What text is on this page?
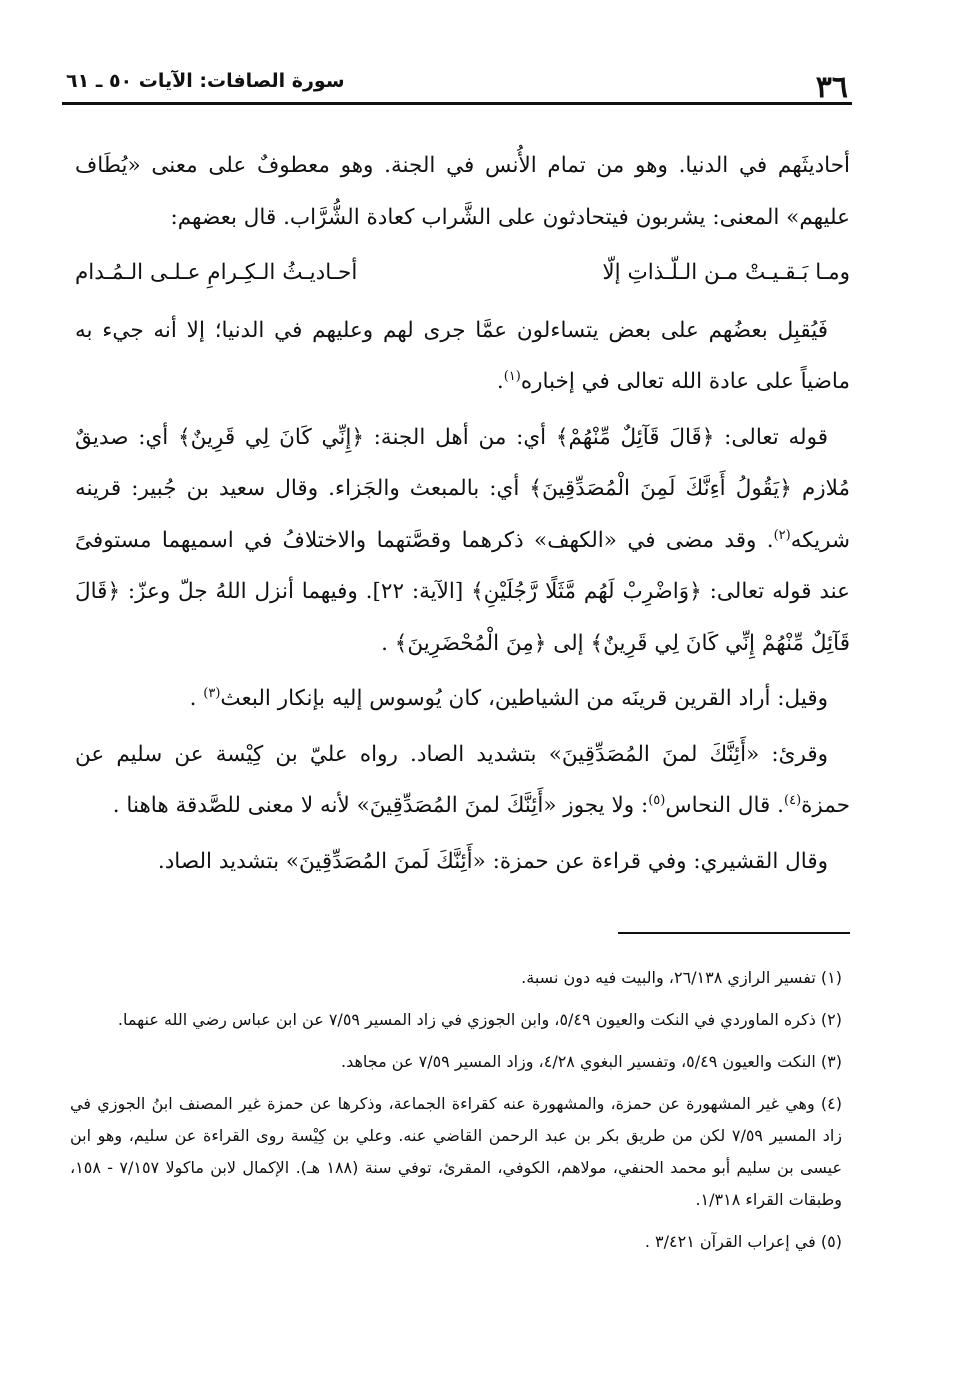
٣٦
سورة الصافات: الآيات ٥٠ ـ ٦١

أحاديثَهم في الدنيا. وهو من تمام الأُنس في الجنة. وهو معطوفٌ على معنى «يُطَاف عليهم» المعنى: يشربون فيتحادثون على الشَّراب كعادة الشُّرَّاب. قال بعضهم:

ومـا بَـقـيـتْ مـن الـلّـذاتِ إلّا
أحـاديـثُ الـكِـرامِ عـلـى الـمُـدام

فَيُقبِل بعضُهم على بعض يتساءلون عمَّا جرى لهم وعليهم في الدنيا؛ إلا أنه جيء به ماضياً على عادة الله تعالى في إخباره$^{(١)}$.

قوله تعالى: ﴿قَالَ قَآئِلٌ مِّنْهُمْ﴾ أي: من أهل الجنة: ﴿إِنِّي كَانَ لِي قَرِينٌ﴾ أي: صديقٌ مُلازم ﴿يَقُولُ أَءِنَّكَ لَمِنَ الْمُصَدِّقِينَ﴾ أي: بالمبعث والجَزاء. وقال سعيد بن جُبير: قرينه شريكه$^{(٢)}$. وقد مضى في «الكهف» ذكرهما وقصَّتهما والاختلافُ في اسميهما مستوفىً عند قوله تعالى: ﴿وَاضْرِبْ لَهُم مَّثَلًا رَّجُلَيْنِ﴾ [الآية: ٢٢]. وفيهما أنزل اللهُ جلّ وعزّ: ﴿قَالَ قَآئِلٌ مِّنْهُمْ إِنِّي كَانَ لِي قَرِينٌ﴾ إلى ﴿مِنَ الْمُحْضَرِينَ﴾ .

وقيل: أراد القرين قرينَه من الشياطين، كان يُوسوس إليه بإنكار البعث$^{(٣)}$ .

وقرئ: «أَئِنَّكَ لمنَ المُصَدِّقِينَ» بتشديد الصاد. رواه عليّ بن كِيْسة عن سليم عن حمزة$^{(٤)}$. قال النحاس$^{(٥)}$: ولا يجوز «أَئِنَّكَ لمنَ المُصَدِّقِينَ» لأنه لا معنى للصَّدقة هاهنا .

وقال القشيري: وفي قراءة عن حمزة: «أَئِنَّكَ لَمنَ المُصَدِّقِينَ» بتشديد الصاد.

(١) تفسير الرازي ٢٦/١٣٨، والبيت فيه دون نسبة.

(٢) ذكره الماوردي في النكت والعيون ٥/٤٩، وابن الجوزي في زاد المسير ٧/٥٩ عن ابن عباس رضي الله عنهما.

(٣) النكت والعيون ٥/٤٩، وتفسير البغوي ٤/٢٨، وزاد المسير ٧/٥٩ عن مجاهد.

(٤) وهي غير المشهورة عن حمزة، والمشهورة عنه كقراءة الجماعة، وذكرها عن حمزة غير المصنف ابنُ الجوزي في زاد المسير ٧/٥٩ لكن من طريق بكر بن عبد الرحمن القاضي عنه. وعلي بن كِيْسة روى القراءة عن سليم، وهو ابن عيسى بن سليم أبو محمد الحنفي، مولاهم، الكوفي، المقرئ، توفي سنة (١٨٨ هـ). الإكمال لابن ماكولا ٧/١٥٧ - ١٥٨، وطبقات القراء ١/٣١٨.

(٥) في إعراب القرآن ٣/٤٢١ .
